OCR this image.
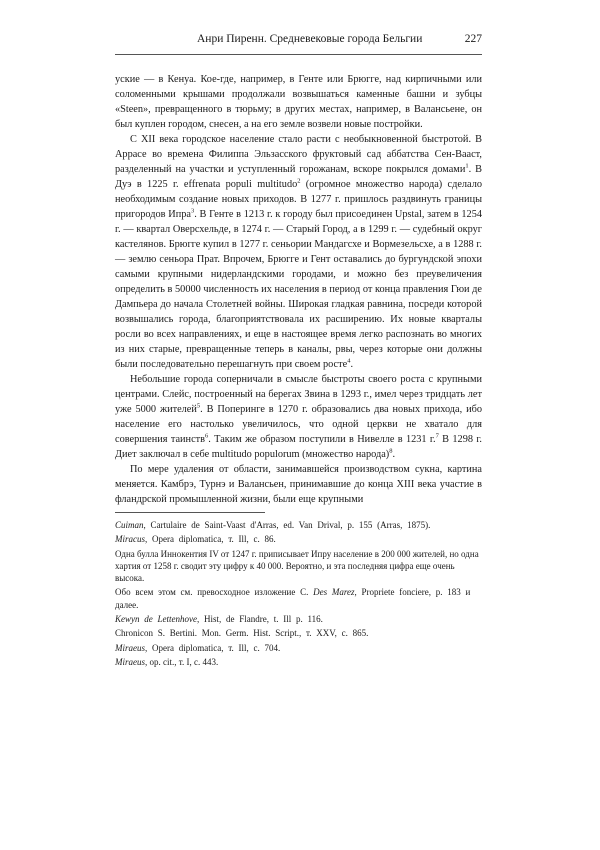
Анри Пиренн. Средневековые города Бельгии	227

уские — в Кенуа. Кое-где, например, в Генте или Брюгге, над кирпичными или соломенными крышами продолжали возвышаться каменные башни и зубцы «Steen», превращенного в тюрьму; в других местах, например, в Валансьене, он был куплен городом, снесен, а на его земле возвели новые постройки.

С XII века городское население стало расти с необыкновенной быстротой. В Аррасе во времена Филиппа Эльзасского фруктовый сад аббатства Сен-Вааст, разделенный на участки и уступленный горожанам, вскоре покрылся домами$^1$. В Дуэ в 1225 г. effrenata populi multitudo$^2$ (огромное множество народа) сделало необходимым создание новых приходов. В 1277 г. пришлось раздвинуть границы пригородов Ипра$^3$. В Генте в 1213 г. к городу был присоединен Upstal, затем в 1254 г. — квартал Оверсхельде, в 1274 г. — Старый Город, а в 1299 г. — судебный округ кастелянов. Брюгге купил в 1277 г. сеньории Мандагсхе и Вормезельсхе, а в 1288 г. — землю сеньора Прат. Впрочем, Брюгге и Гент оставались до бургундской эпохи самыми крупными нидерландскими городами, и можно без преувеличения определить в 50000 численность их населения в период от конца правления Гюи де Дампьера до начала Столетней войны. Широкая гладкая равнина, посреди которой возвышались города, благоприятствовала их расширению. Их новые кварталы росли во всех направлениях, и еще в настоящее время легко распознать во многих из них старые, превращенные теперь в каналы, рвы, через которые они должны были последовательно перешагнуть при своем росте$^4$.

Небольшие города соперничали в смысле быстроты своего роста с крупными центрами. Слейс, построенный на берегах Звина в 1293 г., имел через тридцать лет уже 5000 жителей$^5$. В Поперинге в 1270 г. образовались два новых прихода, ибо население его настолько увеличилось, что одной церкви не хватало для совершения таинств$^6$. Таким же образом поступили в Нивелле в 1231 г.$^7$ В 1298 г. Диет заключал в себе multitudo populorum (множество народа)$^8$.

По мере удаления от области, занимавшейся производством сукна, картина меняется. Камбрэ, Турнэ и Валансьен, принимавшие до конца XIII века участие в фландрской промышленной жизни, были еще крупными

Cuiman, Cartulaire de Saint-Vaast d'Arras, ed. Van Drival, p. 155 (Arras, 1875).

Miracus, Opera diplomatica, т. Ill, c. 86.

Одна булла Иннокентия IV от 1247 г. приписывает Ипру население в 200 000 жителей, но одна хартия от 1258 г. сводит эту цифру к 40 000. Вероятно, и эта последняя цифра еще очень высока.

Обо всем этом см. превосходное изложение С. Des Marez, Propriete fonciere, p. 183 и далее.

Kewyn de Lettenhove, Hist, de Flandre, t. Ill p. 116.

Chronicon S. Bertini. Mon. Germ. Hist. Script., т. XXV, с. 865.

Miraeus, Opera diplomatica, т. Ill, с. 704.

Miraeus, op. cit., т. I, с. 443.
